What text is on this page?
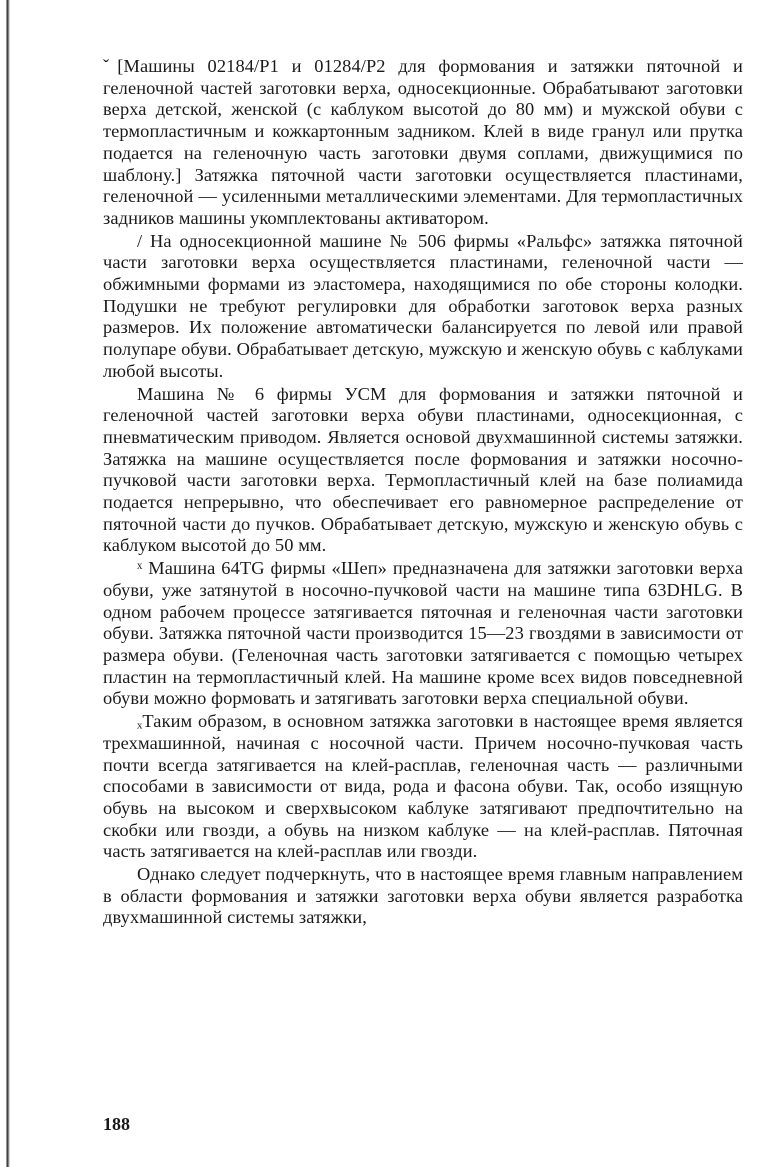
ˇ[Машины 02184/Р1 и 01284/Р2 для формования и затяжки пяточной и геленочной частей заготовки верха, односекционные. Обрабатывают заготовки верха детской, женской (с каблуком высотой до 80 мм) и мужской обуви с термопластичным и кожкартонным задником. Клей в виде гранул или прутка подается на геленочную часть заготовки двумя соплами, движущимися по шаблону.] Затяжка пяточной части заготовки осуществляется пластинами, геленочной — усиленными металлическими элементами. Для термопластичных задников машины укомплектованы активатором.

/ На односекционной машине № 506 фирмы «Ральфс» затяжка пяточной части заготовки верха осуществляется пластинами, геленочной части — обжимными формами из эластомера, находящимися по обе стороны колодки. Подушки не требуют регулировки для обработки заготовок верха разных размеров. Их положение автоматически балансируется по левой или правой полупаре обуви. Обрабатывает детскую, мужскую и женскую обувь с каблуками любой высоты.

Машина № 6 фирмы УСМ для формования и затяжки пяточной и геленочной частей заготовки верха обуви пластинами, односекционная, с пневматическим приводом. Является основой двухмашинной системы затяжки. Затяжка на машине осуществляется после формования и затяжки носочно-пучковой части заготовки верха. Термопластичный клей на базе полиамида подается непрерывно, что обеспечивает его равномерное распределение от пяточной части до пучков. Обрабатывает детскую, мужскую и женскую обувь с каблуком высотой до 50 мм.

ˣ Машина 64TG фирмы «Шеп» предназначена для затяжки заготовки верха обуви, уже затянутой в носочно-пучковой части на машине типа 63DHLG. В одном рабочем процессе затягивается пяточная и геленочная части заготовки обуви. Затяжка пяточной части производится 15—23 гвоздями в зависимости от размера обуви. (Геленочная часть заготовки затягивается с помощью четырех пластин на термопластичный клей. На машине кроме всех видов повседневной обуви можно формовать и затягивать заготовки верха специальной обуви.

ₓТаким образом, в основном затяжка заготовки в настоящее время является трехмашинной, начиная с носочной части. Причем носочно-пучковая часть почти всегда затягивается на клей-расплав, геленочная часть — различными способами в зависимости от вида, рода и фасона обуви. Так, особо изящную обувь на высоком и сверхвысоком каблуке затягивают предпочтительно на скобки или гвозди, а обувь на низком каблуке — на клей-расплав. Пяточная часть затягивается на клей-расплав или гвозди.

Однако следует подчеркнуть, что в настоящее время главным направлением в области формования и затяжки заготовки верха обуви является разработка двухмашинной системы затяжки,

188
